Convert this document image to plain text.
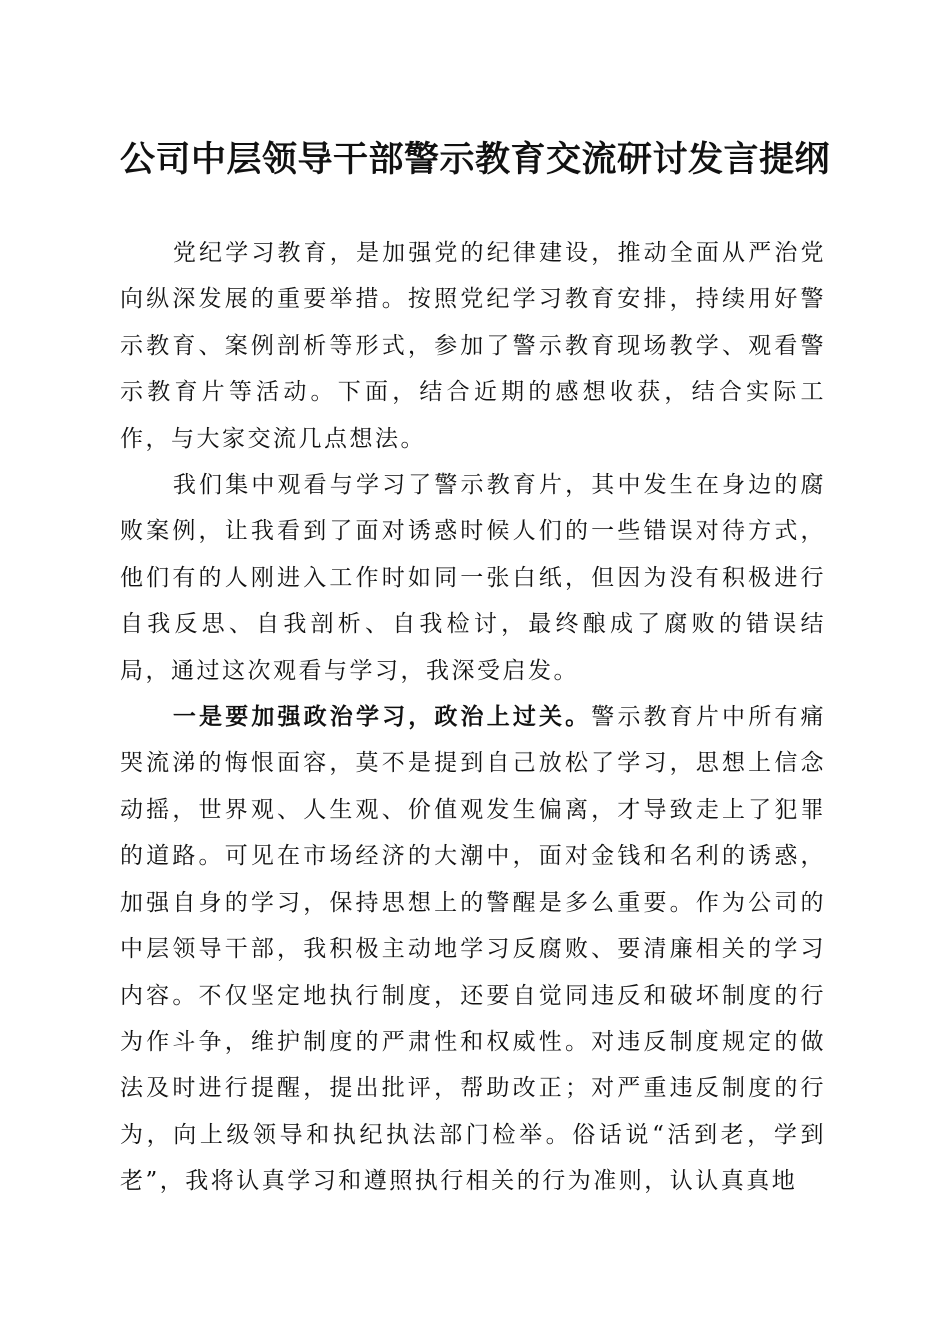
公司中层领导干部警示教育交流研讨发言提纲

党纪学习教育，是加强党的纪律建设，推动全面从严治党向纵深发展的重要举措。按照党纪学习教育安排，持续用好警示教育、案例剖析等形式，参加了警示教育现场教学、观看警示教育片等活动。下面，结合近期的感想收获，结合实际工作，与大家交流几点想法。

我们集中观看与学习了警示教育片，其中发生在身边的腐败案例，让我看到了面对诱惑时候人们的一些错误对待方式，他们有的人刚进入工作时如同一张白纸，但因为没有积极进行自我反思、自我剖析、自我检讨，最终酿成了腐败的错误结局，通过这次观看与学习，我深受启发。

一是要加强政治学习，政治上过关。警示教育片中所有痛哭流涕的悔恨面容，莫不是提到自己放松了学习，思想上信念动摇，世界观、人生观、价值观发生偏离，才导致走上了犯罪的道路。可见在市场经济的大潮中，面对金钱和名利的诱惑，加强自身的学习，保持思想上的警醒是多么重要。作为公司的中层领导干部，我积极主动地学习反腐败、要清廉相关的学习内容。不仅坚定地执行制度，还要自觉同违反和破坏制度的行为作斗争，维护制度的严肃性和权威性。对违反制度规定的做法及时进行提醒，提出批评，帮助改正；对严重违反制度的行为，向上级领导和执纪执法部门检举。俗话说“活到老，学到老”，我将认真学习和遵照执行相关的行为准则，认认真真地
